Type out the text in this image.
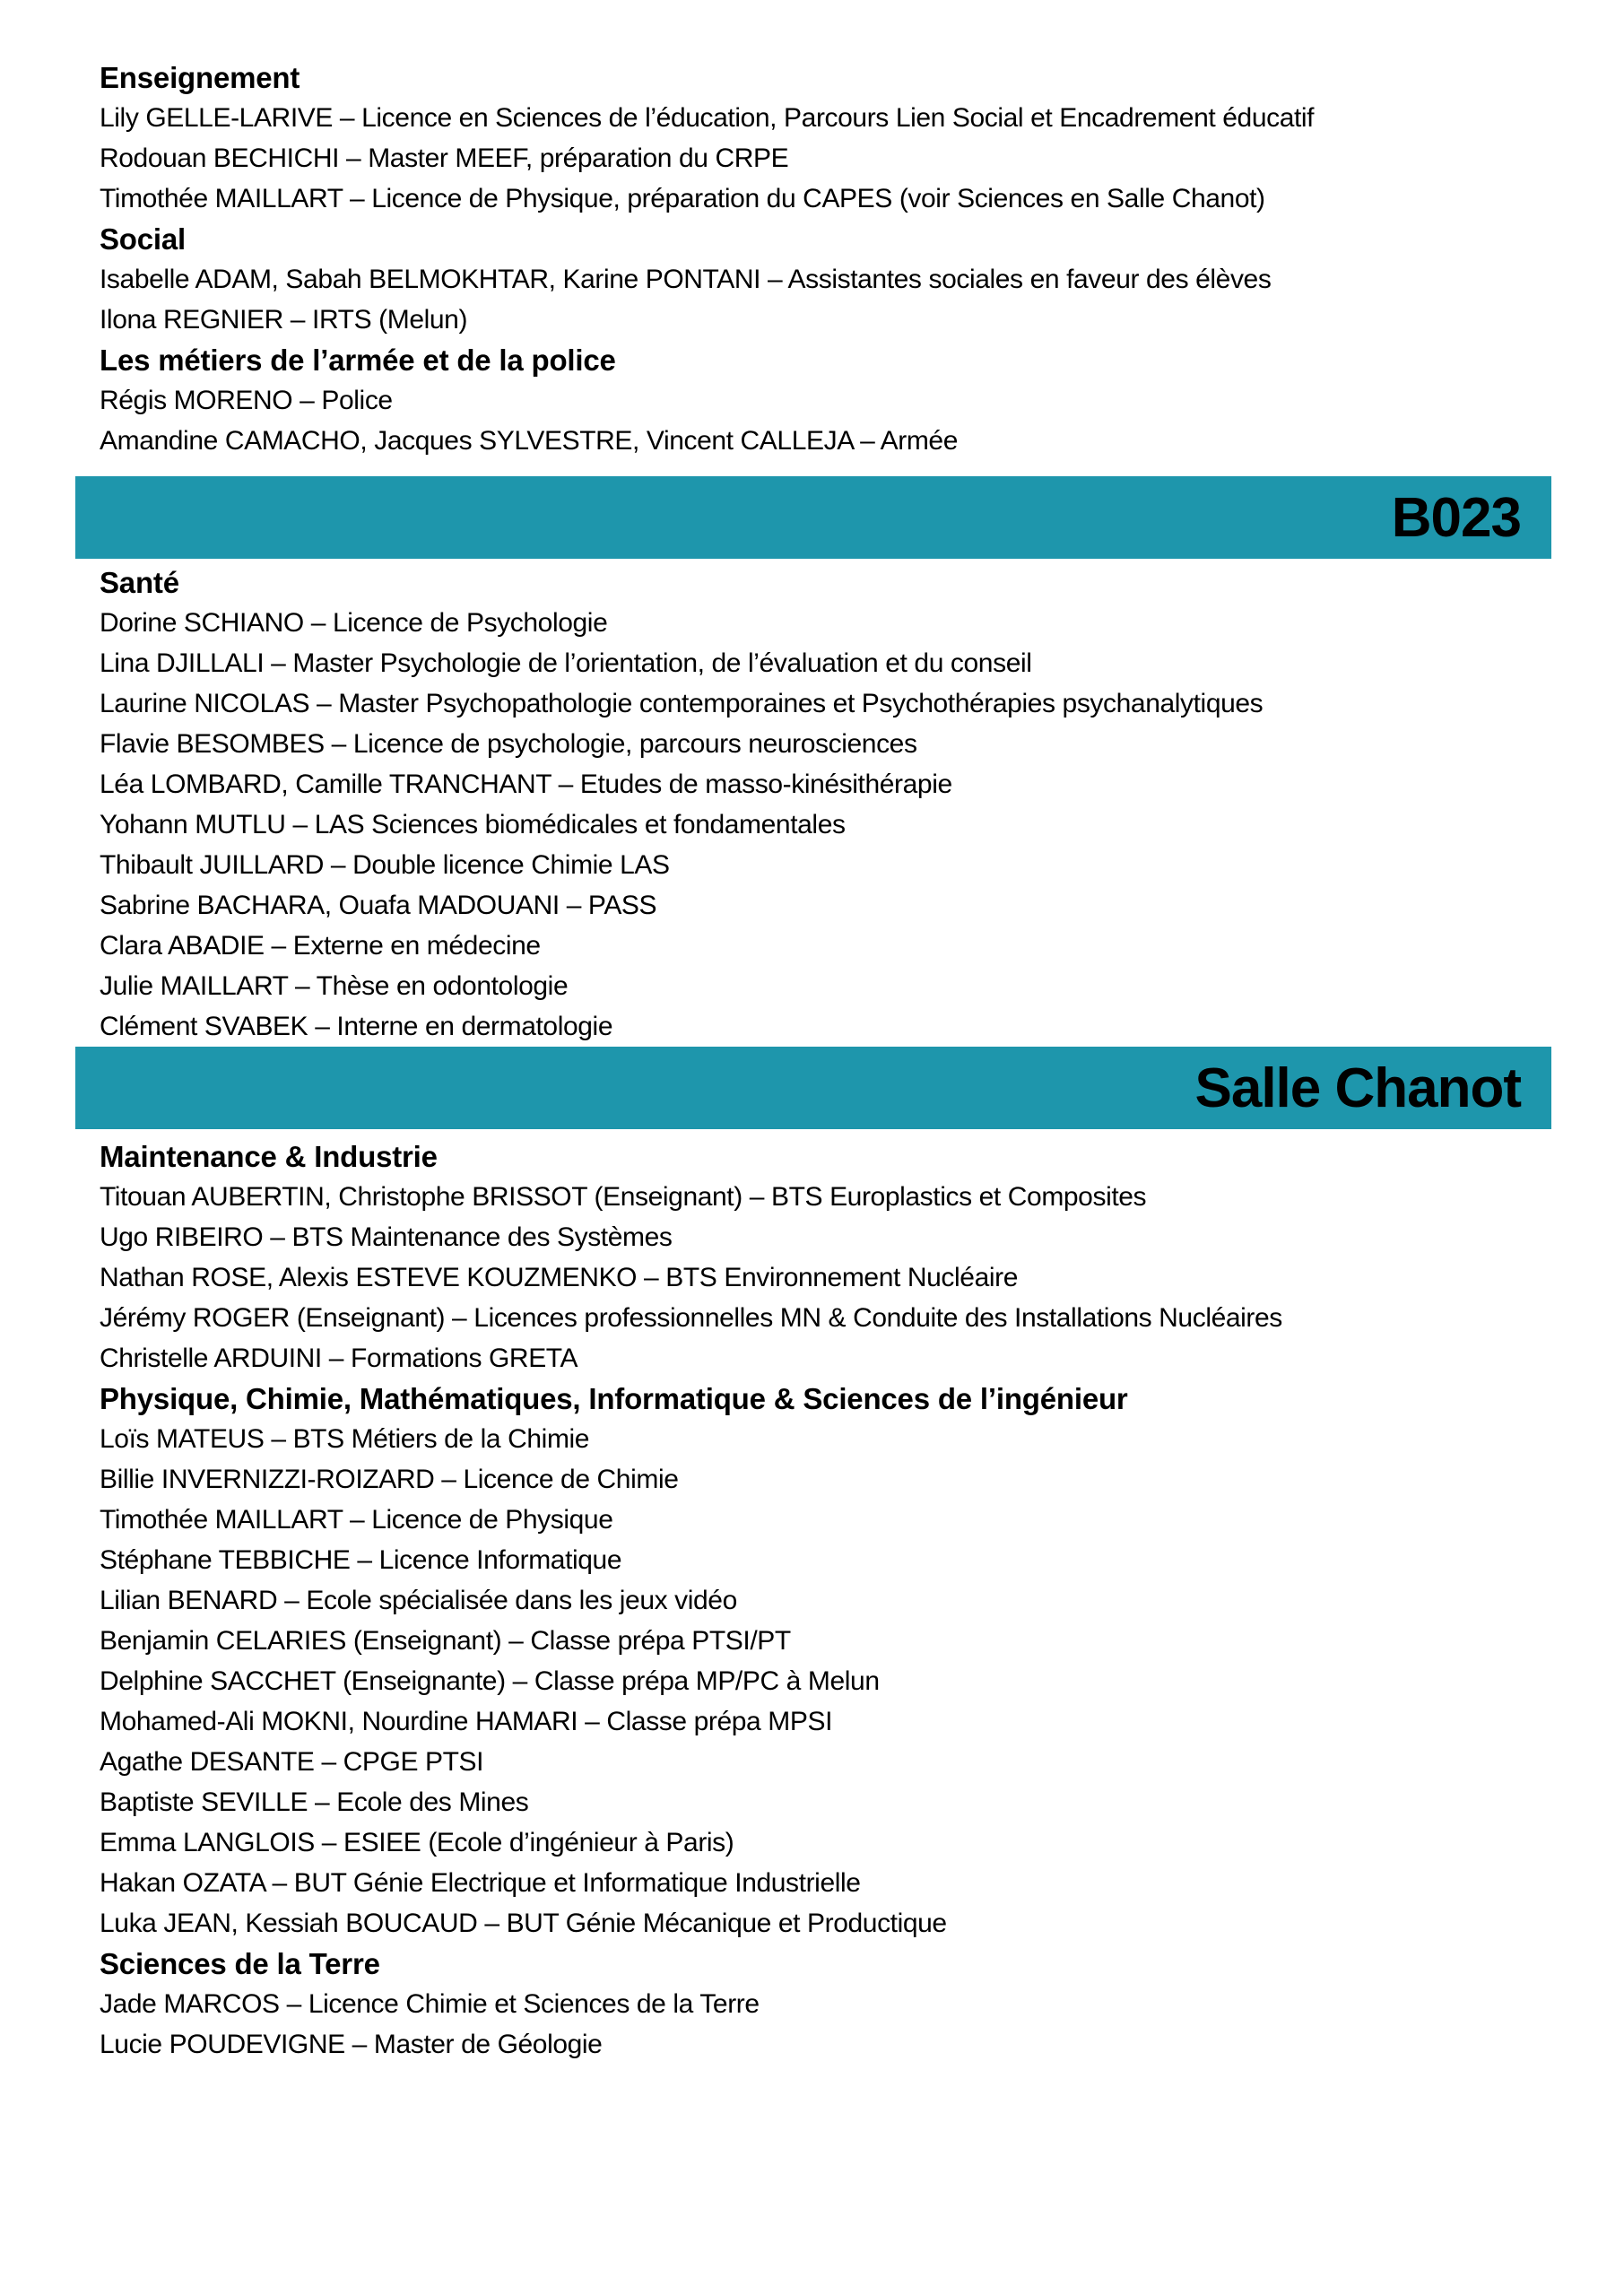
Enseignement
Lily GELLE-LARIVE – Licence en Sciences de l’éducation, Parcours Lien Social et Encadrement éducatif
Rodouan BECHICHI – Master MEEF, préparation du CRPE
Timothée MAILLART – Licence de Physique, préparation du CAPES (voir Sciences en Salle Chanot)
Social
Isabelle ADAM, Sabah BELMOKHTAR, Karine PONTANI – Assistantes sociales en faveur des élèves
Ilona REGNIER – IRTS (Melun)
Les métiers de l’armée et de la police
Régis MORENO – Police
Amandine CAMACHO, Jacques SYLVESTRE, Vincent CALLEJA – Armée
B023
Santé
Dorine SCHIANO – Licence de Psychologie
Lina DJILLALI – Master Psychologie de l’orientation, de l’évaluation et du conseil
Laurine NICOLAS – Master Psychopathologie contemporaines et Psychothérapies psychanalytiques
Flavie BESOMBES – Licence de psychologie, parcours neurosciences
Léa LOMBARD, Camille TRANCHANT – Etudes de masso-kinésithérapie
Yohann MUTLU – LAS Sciences biomédicales et fondamentales
Thibault JUILLARD – Double licence Chimie LAS
Sabrine BACHARA, Ouafa MADOUANI – PASS
Clara ABADIE – Externe en médecine
Julie MAILLART – Thèse en odontologie
Clément SVABEK – Interne en dermatologie
Salle Chanot
Maintenance & Industrie
Titouan AUBERTIN, Christophe BRISSOT (Enseignant) – BTS Europlastics et Composites
Ugo RIBEIRO – BTS Maintenance des Systèmes
Nathan ROSE, Alexis ESTEVE KOUZMENKO – BTS Environnement Nucléaire
Jérémy ROGER (Enseignant) – Licences professionnelles MN & Conduite des Installations Nucléaires
Christelle ARDUINI – Formations GRETA
Physique, Chimie, Mathématiques, Informatique & Sciences de l’ingénieur
Loïs MATEUS – BTS Métiers de la Chimie
Billie INVERNIZZI-ROIZARD – Licence de Chimie
Timothée MAILLART – Licence de Physique
Stéphane TEBBICHE – Licence Informatique
Lilian BENARD – Ecole spécialisée dans les jeux vidéo
Benjamin CELARIES (Enseignant) – Classe prépa PTSI/PT
Delphine SACCHET (Enseignante) – Classe prépa MP/PC à Melun
Mohamed-Ali MOKNI, Nourdine HAMARI – Classe prépa MPSI
Agathe DESANTE – CPGE PTSI
Baptiste SEVILLE – Ecole des Mines
Emma LANGLOIS – ESIEE (Ecole d’ingénieur à Paris)
Hakan OZATA – BUT Génie Electrique et Informatique Industrielle
Luka JEAN, Kessiah BOUCAUD – BUT Génie Mécanique et Productique
Sciences de la Terre
Jade MARCOS – Licence Chimie et Sciences de la Terre
Lucie POUDEVIGNE – Master de Géologie
